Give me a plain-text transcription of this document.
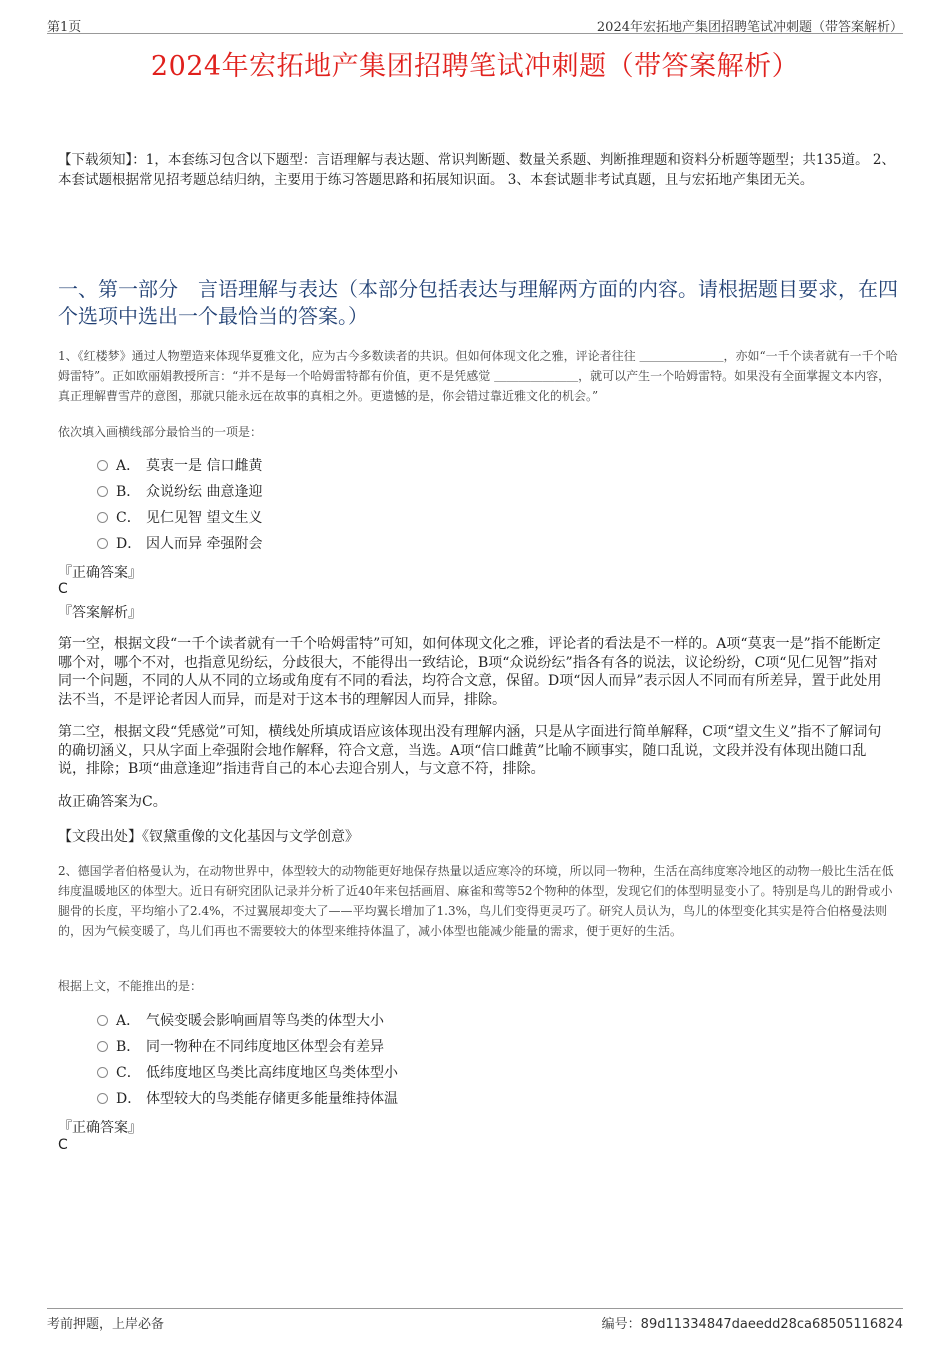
第1页	2024年宏拓地产集团招聘笔试冲刺题（带答案解析）
2024年宏拓地产集团招聘笔试冲刺题（带答案解析）
【下载须知】：1，本套练习包含以下题型：言语理解与表达题、常识判断题、数量关系题、判断推理题和资料分析题等题型；共135道。 2、本套试题根据常见招考题总结归纳，主要用于练习答题思路和拓展知识面。 3、本套试题非考试真题，且与宏拓地产集团无关。
一、第一部分　言语理解与表达（本部分包括表达与理解两方面的内容。请根据题目要求，在四个选项中选出一个最恰当的答案。）
1、《红楼梦》通过人物塑造来体现华夏雅文化，应为古今多数读者的共识。但如何体现文化之雅，评论者往往 ＿＿＿＿＿＿＿，亦如“一千个读者就有一千个哈姆雷特”。正如欧丽娟教授所言：“并不是每一个哈姆雷特都有价值，更不是凭感觉 ＿＿＿＿＿＿＿，就可以产生一个哈姆雷特。如果没有全面掌握文本内容，真正理解曹雪芹的意图，那就只能永远在故事的真相之外。更遗憾的是，你会错过靠近雅文化的机会。”
依次填入画横线部分最恰当的一项是：
A． 莫衷一是 信口雌黄
B． 众说纷纭 曲意逢迎
C． 见仁见智 望文生义
D． 因人而异 牵强附会
『正确答案』
C
『答案解析』
第一空，根据文段“一千个读者就有一千个哈姆雷特”可知，如何体现文化之雅，评论者的看法是不一样的。A项“莫衷一是”指不能断定哪个对，哪个不对，也指意见纷纭，分歧很大，不能得出一致结论，B项“众说纷纭”指各有各的说法，议论纷纷，C项“见仁见智”指对同一个问题，不同的人从不同的立场或角度有不同的看法，均符合文意，保留。D项“因人而异”表示因人不同而有所差异，置于此处用法不当，不是评论者因人而异，而是对于这本书的理解因人而异，排除。
第二空，根据文段“凭感觉”可知，横线处所填成语应该体现出没有理解内涵，只是从字面进行简单解释，C项“望文生义”指不了解词句的确切涵义，只从字面上牵强附会地作解释，符合文意，当选。A项“信口雌黄”比喻不顾事实，随口乱说，文段并没有体现出随口乱说，排除；B项“曲意逢迎”指违背自己的本心去迎合别人，与文意不符，排除。
故正确答案为C。
【文段出处】《钗黛重像的文化基因与文学创意》
2、德国学者伯格曼认为，在动物世界中，体型较大的动物能更好地保存热量以适应寒冷的环境，所以同一物种，生活在高纬度寒冷地区的动物一般比生活在低纬度温暖地区的体型大。近日有研究团队记录并分析了近40年来包括画眉、麻雀和莺等52个物种的体型，发现它们的体型明显变小了。特别是鸟儿的跗骨或小腿骨的长度，平均缩小了2.4%，不过翼展却变大了——平均翼长增加了1.3%，鸟儿们变得更灵巧了。研究人员认为，鸟儿的体型变化其实是符合伯格曼法则的，因为气候变暖了，鸟儿们再也不需要较大的体型来维持体温了，减小体型也能减少能量的需求，便于更好的生活。
根据上文，不能推出的是：
A． 气候变暖会影响画眉等鸟类的体型大小
B． 同一物种在不同纬度地区体型会有差异
C． 低纬度地区鸟类比高纬度地区鸟类体型小
D． 体型较大的鸟类能存储更多能量维持体温
『正确答案』
C
考前押题，上岸必备	编号：89d11334847daeedd28ca68505116824
